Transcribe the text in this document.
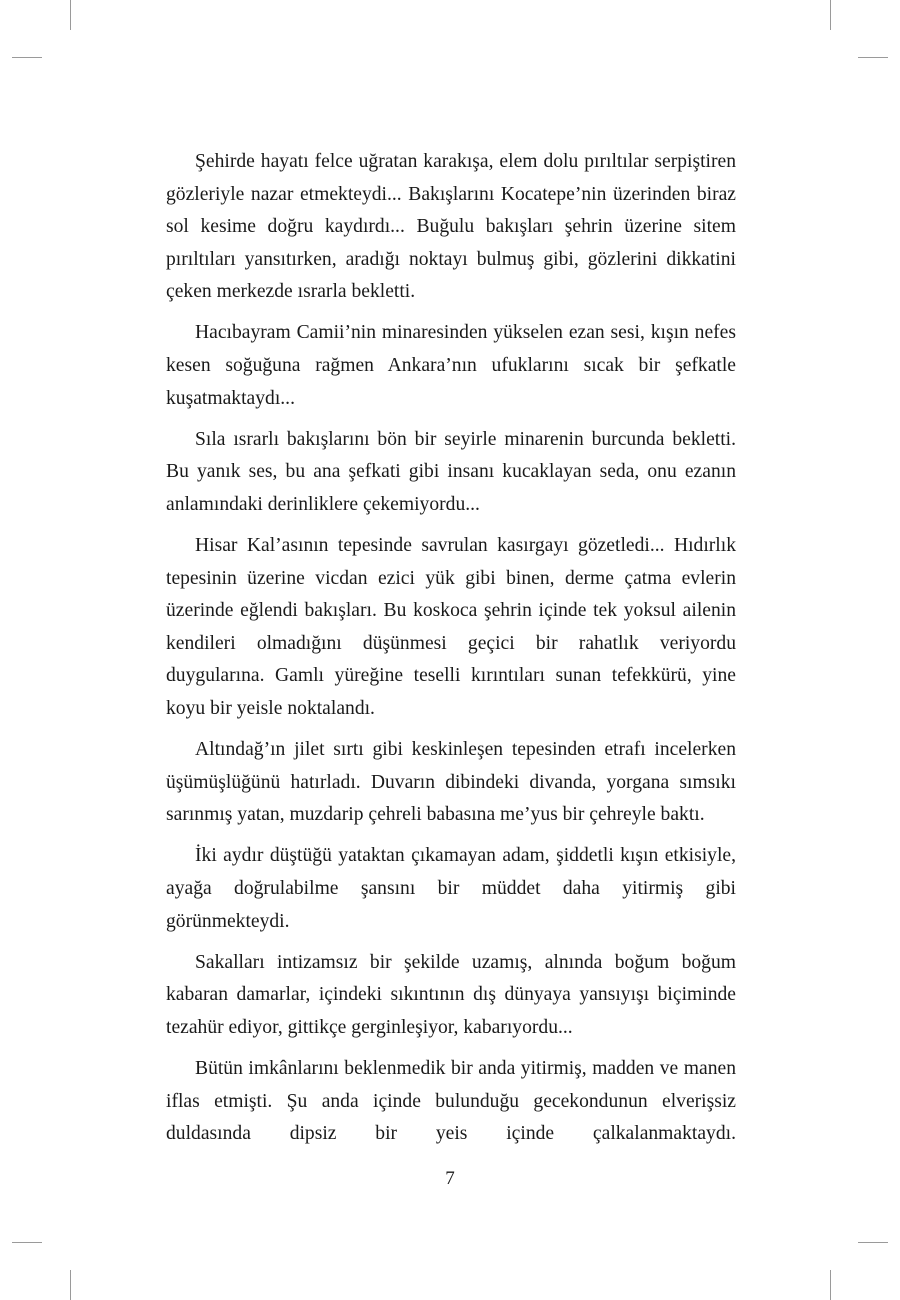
Şehirde hayatı felce uğratan karakışa, elem dolu pırıltılar serpiştiren gözleriyle nazar etmekteydi... Bakışlarını Kocatepe’nin üzerinden biraz sol kesime doğru kaydırdı... Buğulu bakışları şehrin üzerine sitem pırıltıları yansıtırken, aradığı noktayı bulmuş gibi, gözlerini dikkatini çeken merkezde ısrarla bekletti.

Hacıbayram Camii’nin minaresinden yükselen ezan sesi, kışın nefes kesen soğuğuna rağmen Ankara’nın ufuklarını sıcak bir şefkatle kuşatmaktaydı...

Sıla ısrarlı bakışlarını bön bir seyirle minarenin burcunda bekletti. Bu yanık ses, bu ana şefkati gibi insanı kucaklayan seda, onu ezanın anlamındaki derinliklere çekemiyordu...

Hisar Kal’asının tepesinde savrulan kasırgayı gözetledi... Hıdırlık tepesinin üzerine vicdan ezici yük gibi binen, derme çatma evlerin üzerinde eğlendi bakışları. Bu koskoca şehrin içinde tek yoksul ailenin kendileri olmadığını düşünmesi geçici bir rahatlık veriyordu duygularına. Gamlı yüreğine teselli kırıntıları sunan tefekkürü, yine koyu bir yeisle noktalandı.

Altındağ’ın jilet sırtı gibi keskinleşen tepesinden etrafı incelerken üşümüşlüğünü hatırladı. Duvarın dibindeki divanda, yorgana sımsıkı sarınmış yatan, muzdarip çehreli babasına me’yus bir çehreyle baktı.

İki aydır düştüğü yataktan çıkamayan adam, şiddetli kışın etkisiyle, ayağa doğrulabilme şansını bir müddet daha yitirmiş gibi görünmekteydi.

Sakalları intizamsız bir şekilde uzamış, alnında boğum boğum kabaran damarlar, içindeki sıkıntının dış dünyaya yansıyışı biçiminde tezahür ediyor, gittikçe gerginleşiyor, kabarıyordu...

Bütün imkânlarını beklenmedik bir anda yitirmiş, madden ve manen iflas etmişti. Şu anda içinde bulunduğu gecekondunun elverişsiz duldasında dipsiz bir yeis içinde çalkalanmaktaydı.

7
